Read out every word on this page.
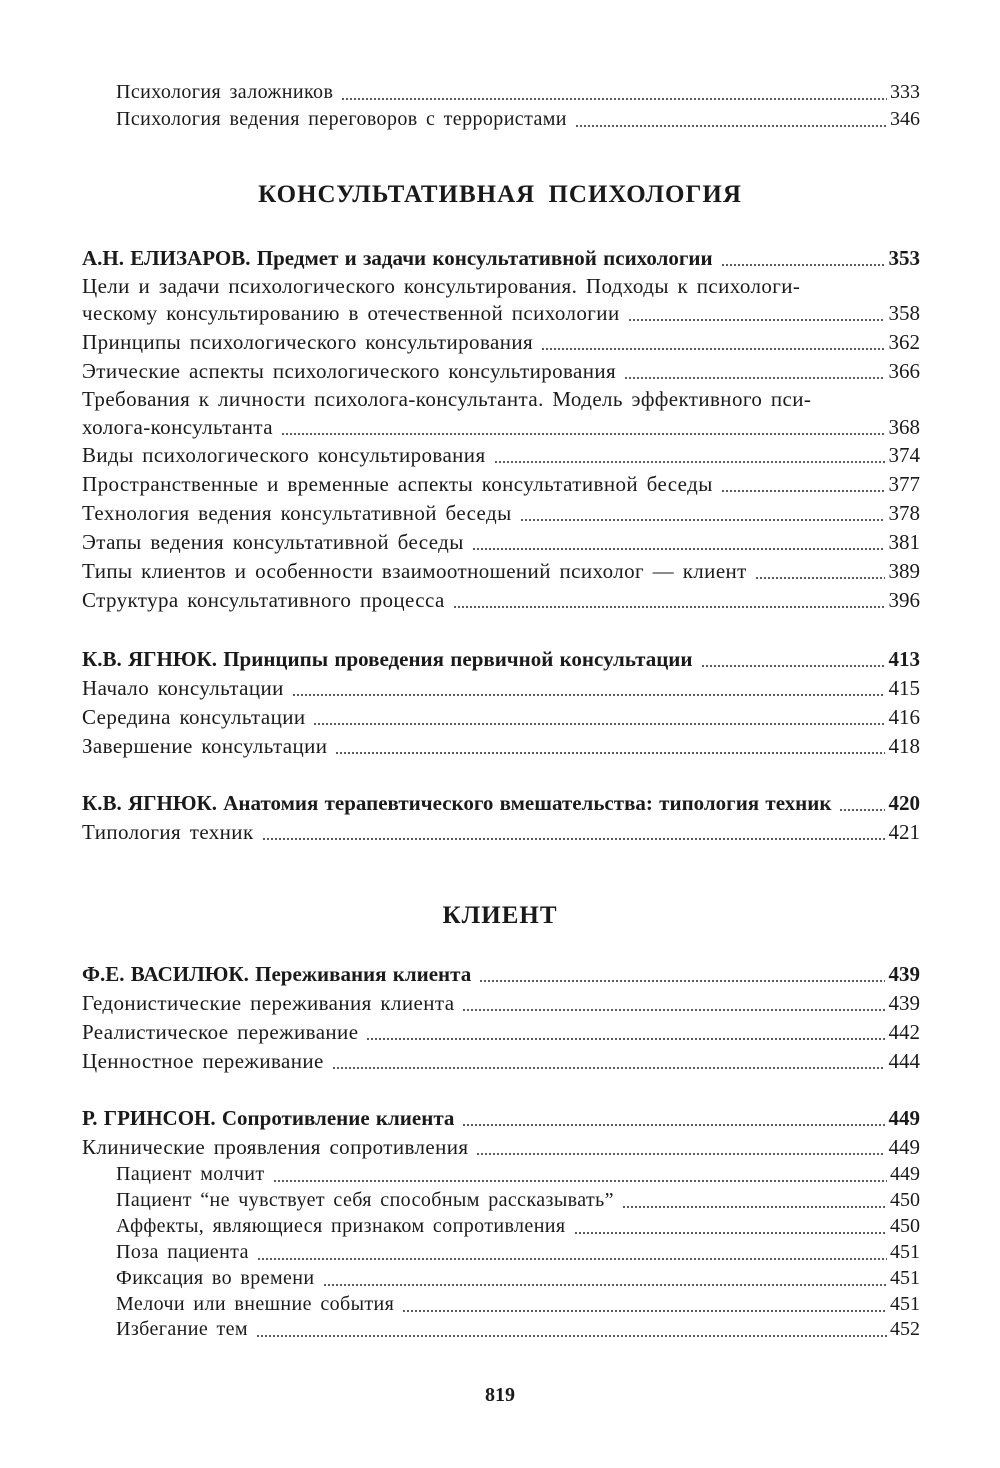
Психология заложников	333
Психология ведения переговоров с террористами	346
КОНСУЛЬТАТИВНАЯ ПСИХОЛОГИЯ
А.Н. ЕЛИЗАРОВ. Предмет и задачи консультативной психологии	353
Цели и задачи психологического консультирования. Подходы к психологи-
ческому консультированию в отечественной психологии	358
Принципы психологического консультирования	362
Этические аспекты психологического консультирования	366
Требования к личности психолога-консультанта. Модель эффективного пси-
холога-консультанта	368
Виды психологического консультирования	374
Пространственные и временные аспекты консультативной беседы	377
Технология ведения консультативной беседы	378
Этапы ведения консультативной беседы	381
Типы клиентов и особенности взаимоотношений психолог — клиент	389
Структура консультативного процесса	396
К.В. ЯГНЮК. Принципы проведения первичной консультации	413
Начало консультации	415
Середина консультации	416
Завершение консультации	418
К.В. ЯГНЮК. Анатомия терапевтического вмешательства: типология техник	420
Типология техник	421
КЛИЕНТ
Ф.Е. ВАСИЛЮК. Переживания клиента	439
Гедонистические переживания клиента	439
Реалистическое переживание	442
Ценностное переживание	444
Р. ГРИНСОН. Сопротивление клиента	449
Клинические проявления сопротивления	449
Пациент молчит	449
Пациент “не чувствует себя способным рассказывать”	450
Аффекты, являющиеся признаком сопротивления	450
Поза пациента	451
Фиксация во времени	451
Мелочи или внешние события	451
Избегание тем	452
819
